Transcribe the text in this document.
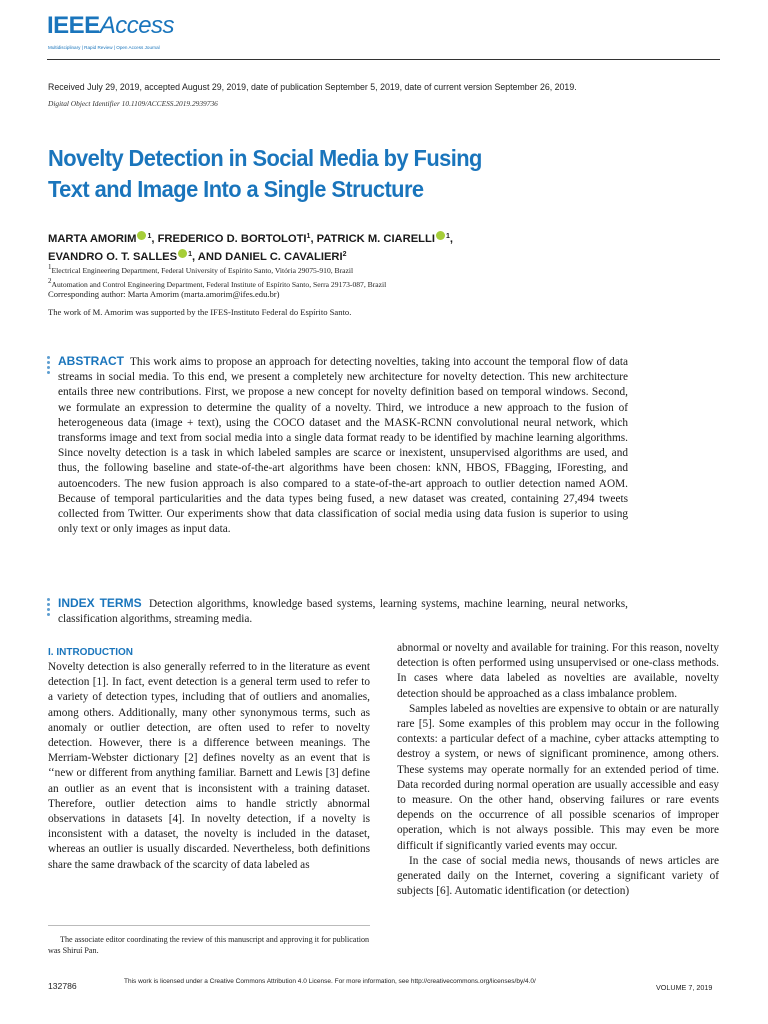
IEEEAccess
Multidisciplinary | Rapid Review | Open Access Journal
Received July 29, 2019, accepted August 29, 2019, date of publication September 5, 2019, date of current version September 26, 2019.
Digital Object Identifier 10.1109/ACCESS.2019.2939736
Novelty Detection in Social Media by Fusing
Text and Image Into a Single Structure
MARTA AMORIM $^1$, FREDERICO D. BORTOLOTI$^1$, PATRICK M. CIARELLI $^1$,
EVANDRO O. T. SALLES $^1$, AND DANIEL C. CAVALIERI$^2$
1Electrical Engineering Department, Federal University of Espírito Santo, Vitória 29075-910, Brazil
2Automation and Control Engineering Department, Federal Institute of Espírito Santo, Serra 29173-087, Brazil
Corresponding author: Marta Amorim (marta.amorim@ifes.edu.br)
The work of M. Amorim was supported by the IFES-Instituto Federal do Espírito Santo.
ABSTRACT This work aims to propose an approach for detecting novelties, taking into account the temporal flow of data streams in social media. To this end, we present a completely new architecture for novelty detection. This new architecture entails three new contributions. First, we propose a new concept for novelty definition based on temporal windows. Second, we formulate an expression to determine the quality of a novelty. Third, we introduce a new approach to the fusion of heterogeneous data (image + text), using the COCO dataset and the MASK-RCNN convolutional neural network, which transforms image and text from social media into a single data format ready to be identified by machine learning algorithms. Since novelty detection is a task in which labeled samples are scarce or inexistent, unsupervised algorithms are used, and thus, the following baseline and state-of-the-art algorithms have been chosen: kNN, HBOS, FBagging, IForesting, and autoencoders. The new fusion approach is also compared to a state-of-the-art approach to outlier detection named AOM. Because of temporal particularities and the data types being fused, a new dataset was created, containing 27,494 tweets collected from Twitter. Our experiments show that data classification of social media using data fusion is superior to using only text or only images as input data.
INDEX TERMS Detection algorithms, knowledge based systems, learning systems, machine learning, neural networks, classification algorithms, streaming media.
I. INTRODUCTION

Novelty detection is also generally referred to in the literature as event detection [1]. In fact, event detection is a general term used to refer to a variety of detection types, including that of outliers and anomalies, among others. Additionally, many other synonymous terms, such as anomaly or outlier detection, are often used to refer to novelty detection. However, there is a difference between meanings. The Merriam-Webster dictionary [2] defines novelty as an event that is ‘‘new or different from anything familiar. Barnett and Lewis [3] define an outlier as an event that is inconsistent with a training dataset. Therefore, outlier detection aims to handle strictly abnormal observations in datasets [4]. In novelty detection, if a novelty is inconsistent with a dataset, the novelty is included in the dataset, whereas an outlier is usually discarded. Nevertheless, both definitions share the same drawback of the scarcity of data labeled as

abnormal or novelty and available for training. For this reason, novelty detection is often performed using unsupervised or one-class methods. In cases where data labeled as novelties are available, novelty detection should be approached as a class imbalance problem.

Samples labeled as novelties are expensive to obtain or are naturally rare [5]. Some examples of this problem may occur in the following contexts: a particular defect of a machine, cyber attacks attempting to destroy a system, or news of significant prominence, among others. These systems may operate normally for an extended period of time. Data recorded during normal operation are usually accessible and easy to measure. On the other hand, observing failures or rare events depends on the occurrence of all possible scenarios of improper operation, which is not always possible. This may even be more difficult if significantly varied events may occur.

In the case of social media news, thousands of news articles are generated daily on the Internet, covering a significant variety of subjects [6]. Automatic identification (or detection)

The associate editor coordinating the review of this manuscript and approving it for publication was Shiruí Pan.
132786	This work is licensed under a Creative Commons Attribution 4.0 License. For more information, see http://creativecommons.org/licenses/by/4.0/
VOLUME 7, 2019
